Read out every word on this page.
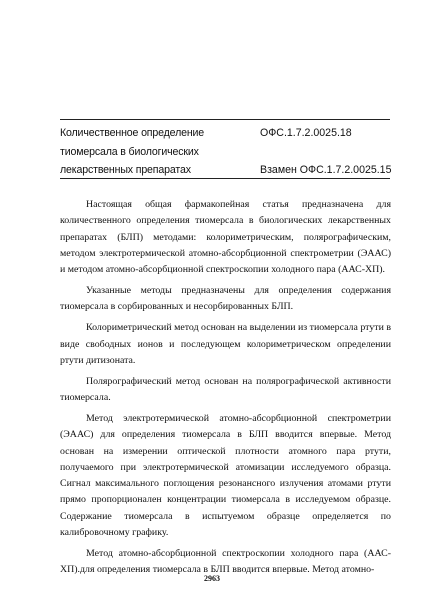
Количественное определение
тиомерсала в биологических
лекарственных препаратах
ОФС.1.7.2.0025.18
Взамен ОФС.1.7.2.0025.15

Настоящая общая фармакопейная статья предназначена для количественного определения тиомерсала в биологических лекарственных препаратах (БЛП) методами: колориметрическим, полярографическим, методом электротермической атомно-абсорбционной спектрометрии (ЭААС) и методом атомно-абсорбционной спектроскопии холодного пара (ААС-ХП).

Указанные методы предназначены для определения содержания тиомерсала в сорбированных и несорбированных БЛП.

Колориметрический метод основан на выделении из тиомерсала ртути в виде свободных ионов и последующем колориметрическом определении ртути дитизоната.

Полярографический метод основан на полярографической активности тиомерсала.

Метод электротермической атомно-абсорбционной спектрометрии (ЭААС) для определения тиомерсала в БЛП вводится впервые. Метод основан на измерении оптической плотности атомного пара ртути, получаемого при электротермической атомизации исследуемого образца. Сигнал максимального поглощения резонансного излучения атомами ртути прямо пропорционален концентрации тиомерсала в исследуемом образце. Содержание тиомерсала в испытуемом образце определяется по калибровочному графику.

Метод атомно-абсорбционной спектроскопии холодного пара (ААС-ХП).для определения тиомерсала в БЛП вводится впервые. Метод атомно-

2963
